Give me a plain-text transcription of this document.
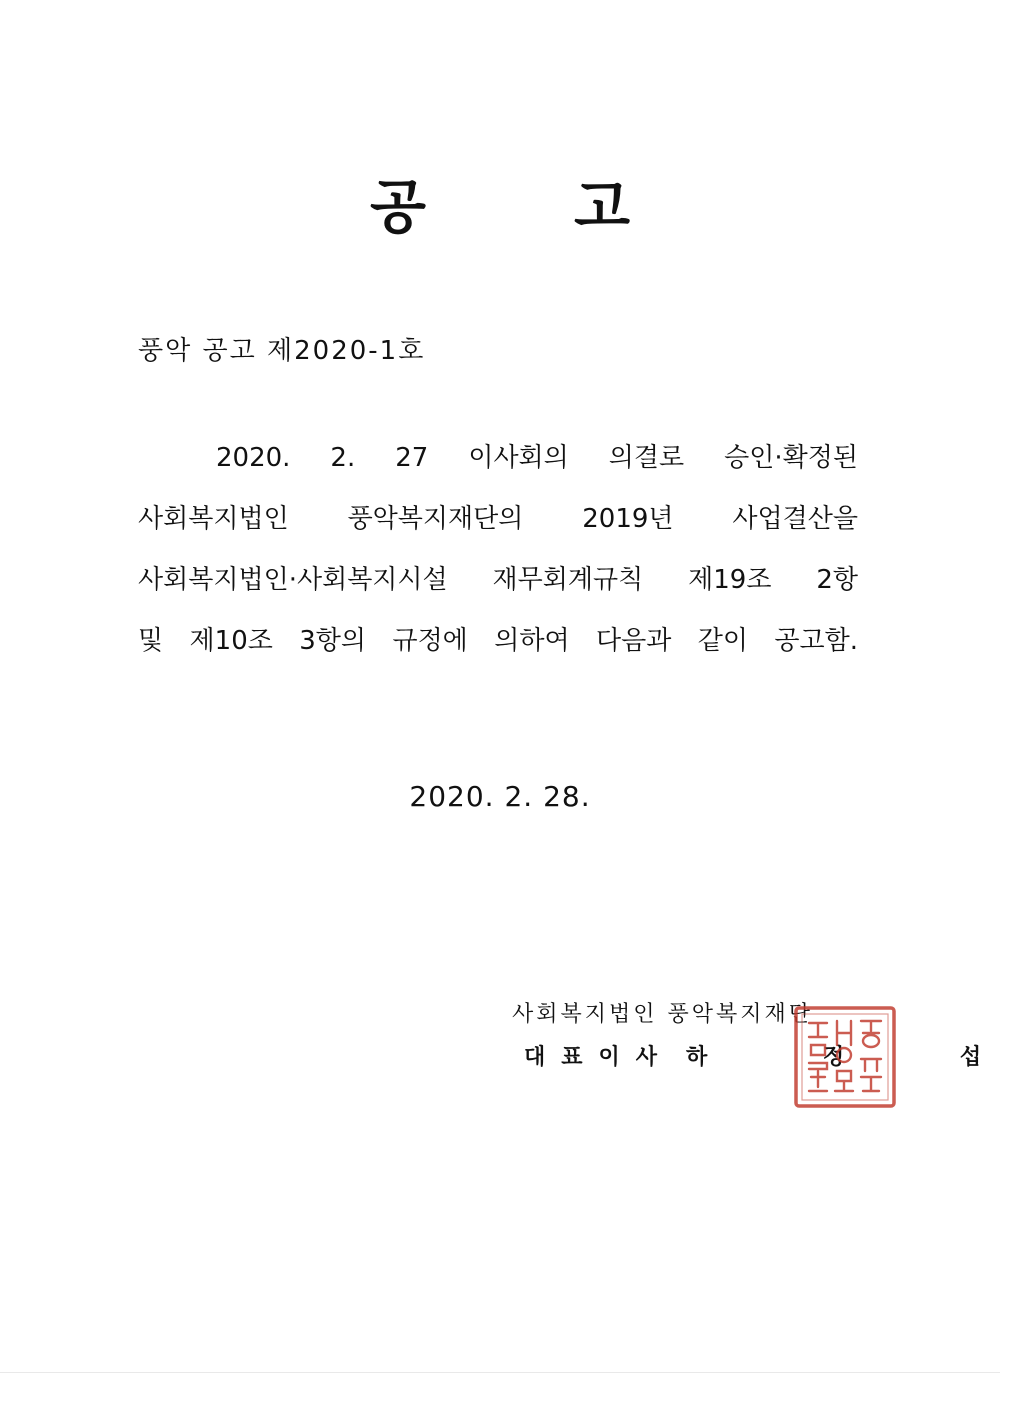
공	고
풍악 공고 제2020-1호
2020. 2. 27 이사회의 의결로 승인·확정된
사회복지법인 풍악복지재단의 2019년 사업결산을
사회복지법인·사회복지시설 재무회계규칙 제19조 2항
및 제10조 3항의 규정에 의하여 다음과 같이 공고함.
2020. 2. 28.
사회복지법인 풍악복지재단
대표이사 하 정 섭
